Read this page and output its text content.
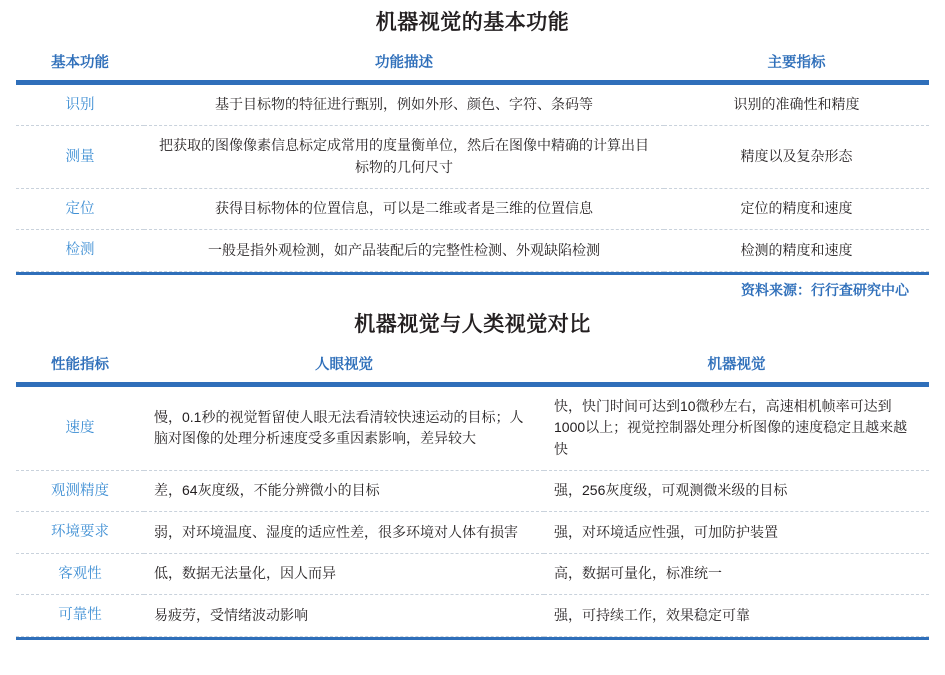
机器视觉的基本功能

基本功能	功能描述	主要指标
识别	基于目标物的特征进行甄别，例如外形、颜色、字符、条码等	识别的准确性和精度
测量	把获取的图像像素信息标定成常用的度量衡单位，然后在图像中精确的计算出目标物的几何尺寸	精度以及复杂形态
定位	获得目标物体的位置信息，可以是二维或者是三维的位置信息	定位的精度和速度
检测	一般是指外观检测，如产品装配后的完整性检测、外观缺陷检测	检测的精度和速度

资料来源：行行查研究中心
机器视觉与人类视觉对比

性能指标	人眼视觉	机器视觉
速度	慢，0.1秒的视觉暂留使人眼无法看清较快速运动的目标；人脑对图像的处理分析速度受多重因素影响，差异较大	快，快门时间可达到10微秒左右，高速相机帧率可达到1000以上；视觉控制器处理分析图像的速度稳定且越来越快
观测精度	差，64灰度级，不能分辨微小的目标	强，256灰度级，可观测微米级的目标
环境要求	弱，对环境温度、湿度的适应性差，很多环境对人体有损害	强，对环境适应性强，可加防护装置
客观性	低，数据无法量化，因人而异	高，数据可量化，标准统一
可靠性	易疲劳，受情绪波动影响	强，可持续工作，效果稳定可靠
